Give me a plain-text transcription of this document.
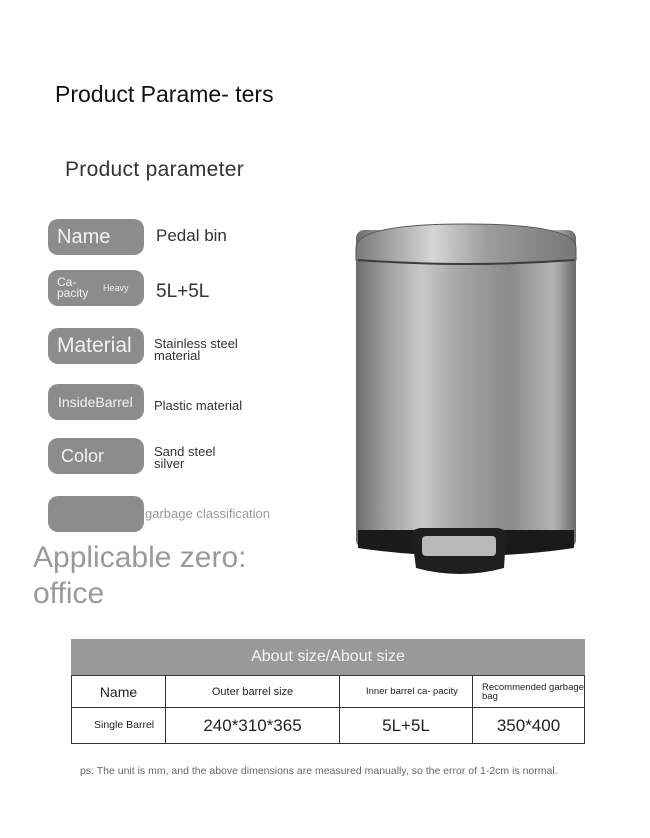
Product Parame- ters
Product parameter
Name	Pedal bin
Ca- pacity	Heavy 5L+5L
Material	Stainless steel material
InsideBarrel	Plastic material
Color	Sand steel silver
garbage classification
Applicable zero: office
About size/About size
Name	Outer barrel size	Inner barrel ca- pacity	Recommended garbage bag
Single Barrel	240*310*365	5L+5L	350*400
ps: The unit is mm, and the above dimensions are measured manually, so the error of 1-2cm is normal.
